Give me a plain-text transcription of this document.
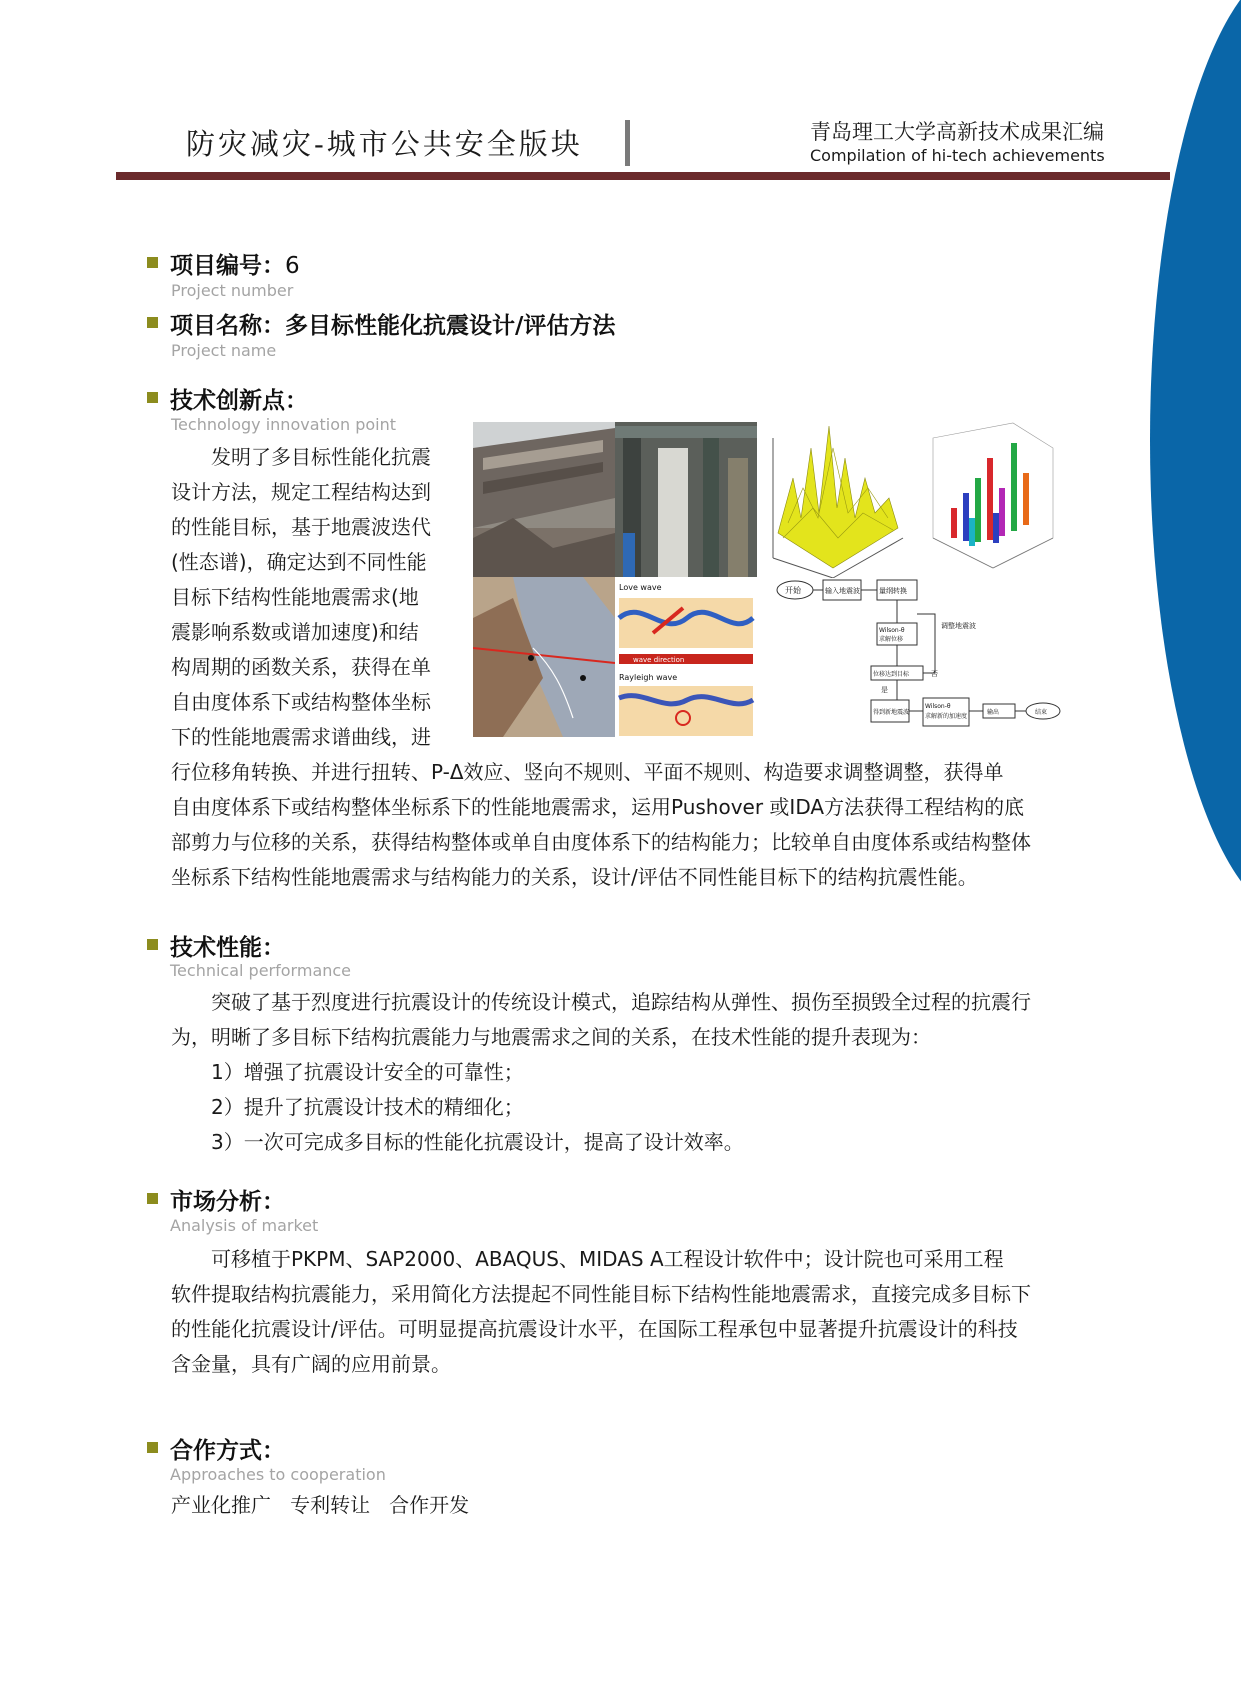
防灾减灾-城市公共安全版块	青岛理工大学高新技术成果汇编
Compilation of hi-tech achievements
项目编号：6
Project number
项目名称：多目标性能化抗震设计/评估方法
Project name
技术创新点：
Technology innovation point
发明了多目标性能化抗震
设计方法，规定工程结构达到
的性能目标，基于地震波迭代
(性态谱)，确定达到不同性能
目标下结构性能地震需求(地
震影响系数或谱加速度)和结
构周期的函数关系，获得在单
自由度体系下或结构整体坐标
下的性能地震需求谱曲线，进
Love wave
wave direction
Rayleigh wave
开始	输入地震波	量纲转换
Wilson-θ
求解位移
位移达到目标
调整地震波
否
是
得到新地震波
Wilson-θ
求解新的加速度
输出	结束
行位移角转换、并进行扭转、P-Δ效应、竖向不规则、平面不规则、构造要求调整调整，获得单
自由度体系下或结构整体坐标系下的性能地震需求，运用Pushover 或IDA方法获得工程结构的底
部剪力与位移的关系，获得结构整体或单自由度体系下的结构能力；比较单自由度体系或结构整体
坐标系下结构性能地震需求与结构能力的关系，设计/评估不同性能目标下的结构抗震性能。
技术性能：
Technical performance
突破了基于烈度进行抗震设计的传统设计模式，追踪结构从弹性、损伤至损毁全过程的抗震行
为，明晰了多目标下结构抗震能力与地震需求之间的关系，在技术性能的提升表现为：
1）增强了抗震设计安全的可靠性；
2）提升了抗震设计技术的精细化；
3）一次可完成多目标的性能化抗震设计，提高了设计效率。
市场分析：
Analysis of market
可移植于PKPM、SAP2000、ABAQUS、MIDAS A工程设计软件中；设计院也可采用工程
软件提取结构抗震能力，采用简化方法提起不同性能目标下结构性能地震需求，直接完成多目标下
的性能化抗震设计/评估。可明显提高抗震设计水平，在国际工程承包中显著提升抗震设计的科技
含金量，具有广阔的应用前景。
合作方式：
Approaches to cooperation
产业化推广   专利转让   合作开发
